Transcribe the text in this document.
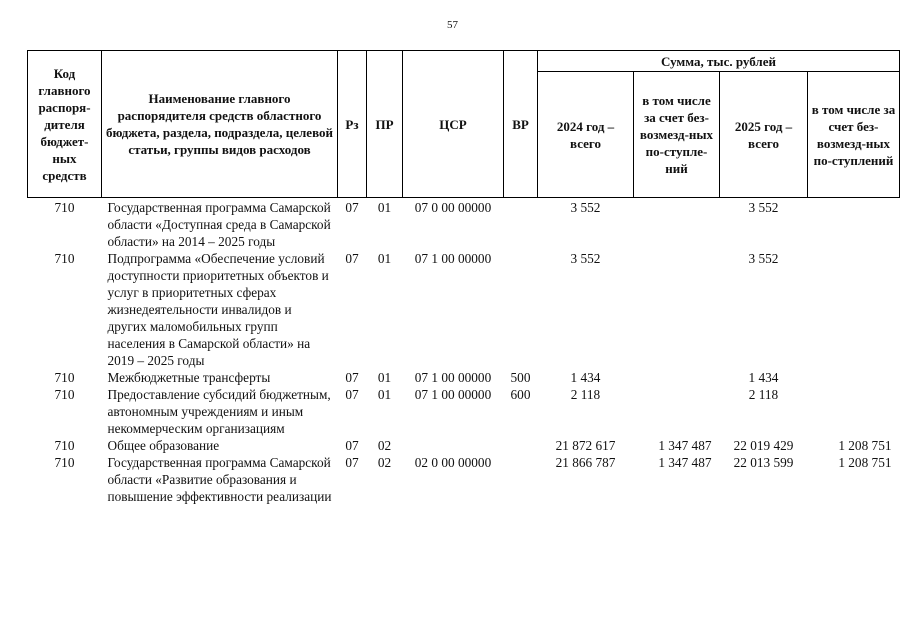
57
Код главного распоря-дителя бюджет-ных средств	Наименование главного распорядителя средств областного бюджета, раздела, подраздела, целевой статьи, группы видов расходов	Рз	ПР	ЦСР	ВР	Сумма, тыс. рублей			
						2024 год – всего	в том числе за счет без-возмезд-ных по-ступле-ний	2025 год – всего	в том числе за счет без-возмезд-ных по-ступлений
710	Государственная программа Самарской области «Доступная среда в Самарской области» на 2014 – 2025 годы	07	01	07 0 00 00000		3 552		3 552	
710	Подпрограмма «Обеспечение условий доступности приоритетных объектов и услуг в приоритетных сферах жизнедеятельности инвалидов и других маломобильных групп населения в Самарской области» на 2019 – 2025 годы	07	01	07 1 00 00000		3 552		3 552	
710	Межбюджетные трансферты	07	01	07 1 00 00000	500	1 434		1 434	
710	Предоставление субсидий бюджетным, автономным учреждениям и иным некоммерческим организациям	07	01	07 1 00 00000	600	2 118		2 118	
710	Общее образование	07	02			21 872 617	1 347 487	22 019 429	1 208 751
710	Государственная программа Самарской области «Развитие образования и повышение эффективности реализации	07	02	02 0 00 00000		21 866 787	1 347 487	22 013 599	1 208 751
